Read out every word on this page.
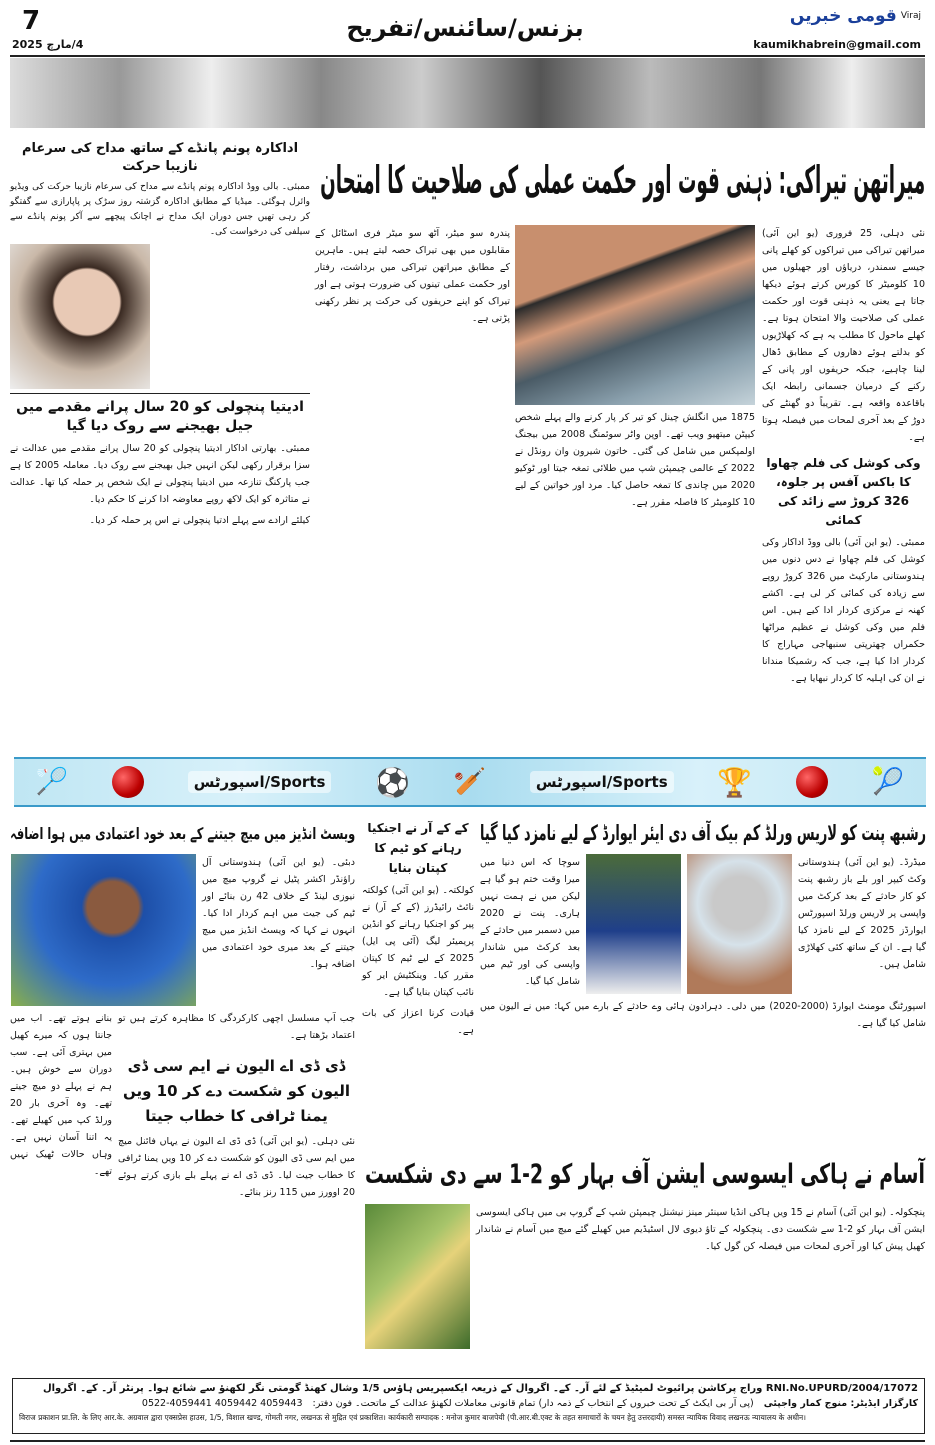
7
4/مارچ 2025
بزنس/سائنس/تفریح	قومی خبریں Viraj
kaumikhabrein@gmail.com
میراتھن تیراکی: ذہنی قوت اور حکمت عملی کی صلاحیت کا امتحان
اداکارہ پونم پانڈے کے ساتھ مداح کی سرعام نازیبا حرکت
ممبئی۔ بالی ووڈ اداکارہ پونم پانڈے سے مداح کی سرعام نازیبا حرکت کی ویڈیو وائرل ہوگئی۔ میڈیا کے مطابق اداکارہ گزشتہ روز سڑک پر پاپارازی سے گفتگو کر رہی تھیں جس دوران ایک مداح نے اچانک پیچھے سے آکر پونم پانڈے سے سیلفی کی درخواست کی۔
ادیتیا پنچولی کو 20 سال پرانے مقدمے میں جیل بھیجنے سے روک دیا گیا
ممبئی۔ بھارتی اداکار ادیتیا پنچولی کو 20 سال پرانے مقدمے میں عدالت نے سزا برقرار رکھی لیکن انہیں جیل بھیجنے سے روک دیا۔ معاملہ 2005 کا ہے جب پارکنگ تنازعہ میں ادیتیا پنچولی نے ایک شخص پر حملہ کیا تھا۔ عدالت نے متاثرہ کو ایک لاکھ روپے معاوضہ ادا کرنے کا حکم دیا۔
کیلئے ارادے سے پہلے ادتیا پنچولی نے اس پر حملہ کر دیا۔
پندرہ سو میٹر، آٹھ سو میٹر فری اسٹائل کے مقابلوں میں بھی تیراک حصہ لیتے ہیں۔ ماہرین کے مطابق میراتھن تیراکی میں برداشت، رفتار اور حکمت عملی تینوں کی ضرورت ہوتی ہے اور تیراک کو اپنے حریفوں کی حرکت پر نظر رکھنی پڑتی ہے۔
1875 میں انگلش چینل کو تیر کر پار کرنے والے پہلے شخص کیپٹن میتھیو ویب تھے۔ اوپن واٹر سوئمنگ 2008 میں بیجنگ اولمپکس میں شامل کی گئی۔ خاتون شیرون وان رونڈل نے 2022 کے عالمی چیمپئن شپ میں طلائی تمغہ جیتا اور ٹوکیو 2020 میں چاندی کا تمغہ حاصل کیا۔ مرد اور خواتین کے لیے 10 کلومیٹر کا فاصلہ مقرر ہے۔
نئی دہلی، 25 فروری (یو این آئی) میراتھن تیراکی میں تیراکوں کو کھلے پانی جیسے سمندر، دریاؤں اور جھیلوں میں 10 کلومیٹر کا کورس کرتے ہوئے دیکھا جاتا ہے یعنی یہ ذہنی قوت اور حکمت عملی کی صلاحیت والا امتحان ہوتا ہے۔ کھلے ماحول کا مطلب یہ ہے کہ کھلاڑیوں کو بدلتے ہوئے دھاروں کے مطابق ڈھال لینا چاہیے، جبکہ حریفوں اور پانی کے رکنے کے درمیان جسمانی رابطہ ایک باقاعدہ واقعہ ہے۔ تقریباً دو گھنٹے کی دوڑ کے بعد آخری لمحات میں فیصلہ ہوتا ہے۔
وکی کوشل کی فلم چھاوا کا باکس آفس پر جلوہ، 326 کروڑ سے زائد کی کمائی
ممبئی۔ (یو این آئی) بالی ووڈ اداکار وکی کوشل کی فلم چھاوا نے دس دنوں میں ہندوستانی مارکیٹ میں 326 کروڑ روپے سے زیادہ کی کمائی کر لی ہے۔ اکشے کھنہ نے مرکزی کردار ادا کیے ہیں۔ اس فلم میں وکی کوشل نے عظیم مراٹھا حکمراں چھترپتی سنبھاجی مہاراج کا کردار ادا کیا ہے، جب کہ رشمیکا مندانا نے ان کی اہلیہ کا کردار نبھایا ہے۔
🏸	اسپورٹس/Sports ⚽ 🏏	اسپورٹس/Sports 🏆	🎾
رشبھ پنت کو لاریس ورلڈ کم بیک آف دی ایئر ایوارڈ کے لیے نامزد کیا گیا
میڈرڈ۔ (یو این آئی) ہندوستانی وکٹ کیپر اور بلے باز رشبھ پنت کو کار حادثے کے بعد کرکٹ میں واپسی پر لاریس ورلڈ اسپورٹس ایوارڈز 2025 کے لیے نامزد کیا گیا ہے۔ ان کے ساتھ کئی کھلاڑی شامل ہیں۔
سوچا کہ اس دنیا میں میرا وقت ختم ہو گیا ہے لیکن میں نے ہمت نہیں ہاری۔ پنت نے 2020 میں دسمبر میں حادثے کے بعد کرکٹ میں شاندار واپسی کی اور ٹیم میں شامل کیا گیا۔
اسپورٹنگ مومنٹ ایوارڈ (2000-2020) میں دلی۔ دہرادون ہائی وے حادثے کے بارے میں کہا: میں نے الیون میں شامل کیا گیا ہے۔
کے کے آر نے اجنکیا رہانے کو ٹیم کا کپتان بنایا
کولکتہ۔ (یو این آئی) کولکتہ نائٹ رائیڈرز (کے کے آر) نے پیر کو اجنکیا رہانے کو انڈین پریمیئر لیگ (آئی پی ایل) 2025 کے لیے ٹیم کا کپتان مقرر کیا۔ وینکٹیش ایر کو نائب کپتان بنایا گیا ہے۔
قیادت کرنا اعزاز کی بات ہے۔
ویسٹ انڈیز میں میچ جیتنے کے بعد خود اعتمادی میں ہوا اضافہ
دبئی۔ (یو این آئی) ہندوستانی آل راؤنڈر اکشر پٹیل نے گروپ میچ میں نیوزی لینڈ کے خلاف 42 رن بنائے اور ٹیم کی جیت میں اہم کردار ادا کیا۔ انہوں نے کہا کہ ویسٹ انڈیز میں میچ جیتنے کے بعد میری خود اعتمادی میں اضافہ ہوا۔
جب آپ مسلسل اچھی کارکردگی کا مظاہرہ کرتے ہیں تو اعتماد بڑھتا ہے۔
ڈی ڈی اے الیون نے ایم سی ڈی الیون کو شکست دے کر 10 ویں یمنا ٹرافی کا خطاب جیتا
نئی دہلی۔ (یو این آئی) ڈی ڈی اے الیون نے یہاں فائنل میچ میں ایم سی ڈی الیون کو شکست دے کر 10 ویں یمنا ٹرافی کا خطاب جیت لیا۔ ڈی ڈی اے نے پہلے بلے بازی کرتے ہوئے 20 اوورز میں 115 رنز بنائے۔
بنانے ہوتے تھے۔ اب میں جانتا ہوں کہ میرے کھیل میں بہتری آئی ہے۔ سب دوران سے خوش ہیں۔ ہم نے پہلے دو میچ جیتے تھے۔ وہ آخری بار 20 ورلڈ کپ میں کھیلے تھے۔ یہ اتنا آسان نہیں ہے۔ وہاں حالات ٹھیک نہیں تھے۔	آسام نے ہاکی ایسوسی ایشن آف بہار کو 2-1 سے دی شکست
پنچکولہ۔ (یو این آئی) آسام نے 15 ویں ہاکی انڈیا سینئر مینز نیشنل چیمپئن شپ کے گروپ بی میں ہاکی ایسوسی ایشن آف بہار کو 2-1 سے شکست دی۔ پنچکولہ کے تاؤ دیوی لال اسٹیڈیم میں کھیلے گئے میچ میں آسام نے شاندار کھیل پیش کیا اور آخری لمحات میں فیصلہ کن گول کیا۔
RNI.No.UPURD/2004/17072 وراج پرکاشن پرائیوٹ لمیٹیڈ کے لئے آر۔ کے۔ اگروال کے ذریعہ ایکسپریس ہاؤس 1/5 وشال کھنڈ گومتی نگر لکھنؤ سے شائع ہوا۔ پرنٹر آر۔ کے۔ اگروال
کارگزار ایڈیٹر: منوج کمار واجپئی
(پی آر بی ایکٹ کے تحت خبروں کے انتخاب کے ذمہ دار) تمام قانونی معاملات لکھنؤ عدالت کے ماتحت۔ فون دفتر:
0522-4059441 4059442 4059443
विराज प्रकाशन प्रा.लि. के लिए आर.के. अग्रवाल द्वारा एक्सप्रेस हाउस, 1/5, विशाल खण्ड, गोमती नगर, लखनऊ से मुद्रित एवं प्रकाशित। कार्यकारी सम्पादक : मनोज कुमार बाजपेयी (पी.आर.बी.एक्ट के तहत समाचारों के चयन हेतु उत्तरदायी) समस्त न्यायिक विवाद लखनऊ न्यायालय के अधीन।
